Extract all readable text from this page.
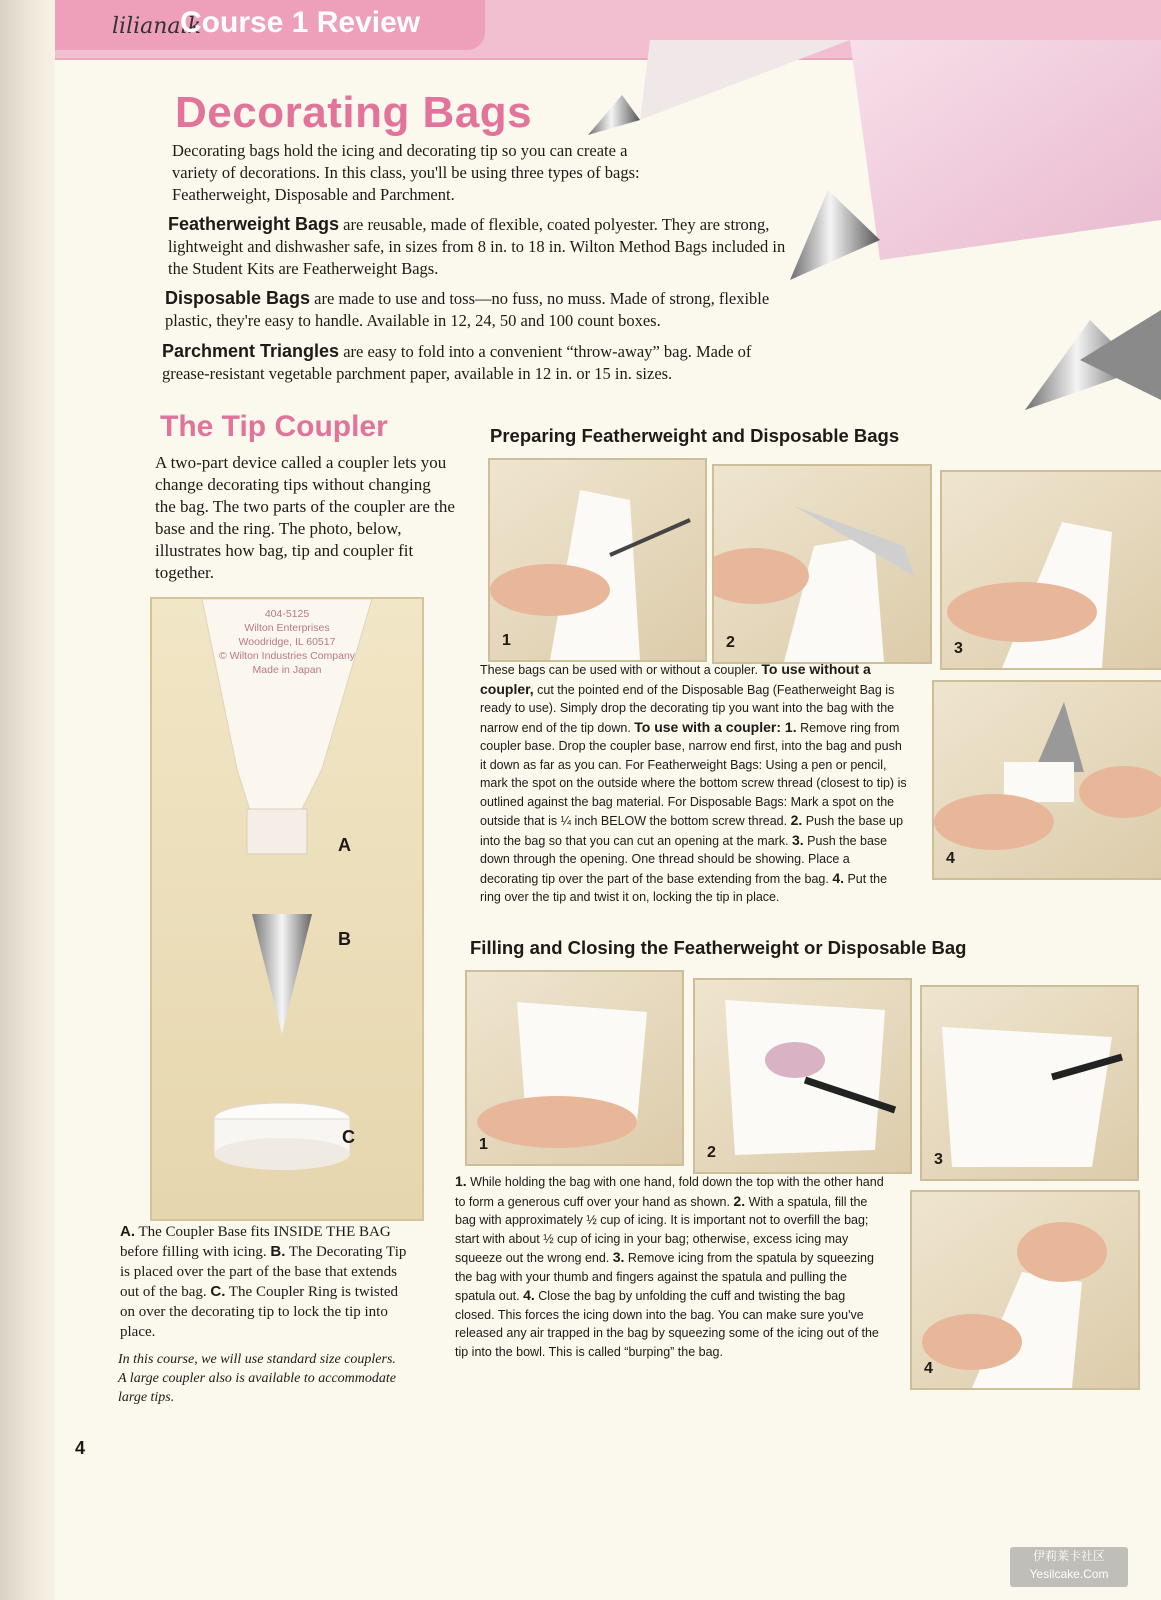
lilianaik
Course 1 Review
Decorating Bags
Decorating bags hold the icing and decorating tip so you can create a variety of decorations. In this class, you'll be using three types of bags: Featherweight, Disposable and Parchment.
Featherweight Bags are reusable, made of flexible, coated polyester. They are strong, lightweight and dishwasher safe, in sizes from 8 in. to 18 in. Wilton Method Bags included in the Student Kits are Featherweight Bags.
Disposable Bags are made to use and toss—no fuss, no muss. Made of strong, flexible plastic, they're easy to handle. Available in 12, 24, 50 and 100 count boxes.
Parchment Triangles are easy to fold into a convenient “throw-away” bag. Made of grease-resistant vegetable parchment paper, available in 12 in. or 15 in. sizes.
The Tip Coupler
A two-part device called a coupler lets you change decorating tips without changing the bag. The two parts of the coupler are the base and the ring. The photo, below, illustrates how bag, tip and coupler fit together.
404-5125
Wilton Enterprises
Woodridge, IL 60517
© Wilton Industries Company
Made in Japan
A
B
C
A. The Coupler Base fits INSIDE THE BAG before filling with icing. B. The Decorating Tip is placed over the part of the base that extends out of the bag. C. The Coupler Ring is twisted on over the decorating tip to lock the tip into place.
In this course, we will use standard size couplers. A large coupler also is available to accommodate large tips.
Preparing Featherweight and Disposable Bags
1	2	3
4
These bags can be used with or without a coupler. To use without a coupler, cut the pointed end of the Disposable Bag (Featherweight Bag is ready to use). Simply drop the decorating tip you want into the bag with the narrow end of the tip down. To use with a coupler: 1. Remove ring from coupler base. Drop the coupler base, narrow end first, into the bag and push it down as far as you can. For Featherweight Bags: Using a pen or pencil, mark the spot on the outside where the bottom screw thread (closest to tip) is outlined against the bag material. For Disposable Bags: Mark a spot on the outside that is ¼ inch BELOW the bottom screw thread. 2. Push the base up into the bag so that you can cut an opening at the mark. 3. Push the base down through the opening. One thread should be showing. Place a decorating tip over the part of the base extending from the bag. 4. Put the ring over the tip and twist it on, locking the tip in place.
Filling and Closing the Featherweight or Disposable Bag
1	2	3
4
1. While holding the bag with one hand, fold down the top with the other hand to form a generous cuff over your hand as shown. 2. With a spatula, fill the bag with approximately ½ cup of icing. It is important not to overfill the bag; start with about ½ cup of icing in your bag; otherwise, excess icing may squeeze out the wrong end. 3. Remove icing from the spatula by squeezing the bag with your thumb and fingers against the spatula and pulling the spatula out. 4. Close the bag by unfolding the cuff and twisting the bag closed. This forces the icing down into the bag. You can make sure you've released any air trapped in the bag by squeezing some of the icing out of the tip into the bowl. This is called “burping” the bag.
4
伊莉莱卡社区
Yesilcake.Com
